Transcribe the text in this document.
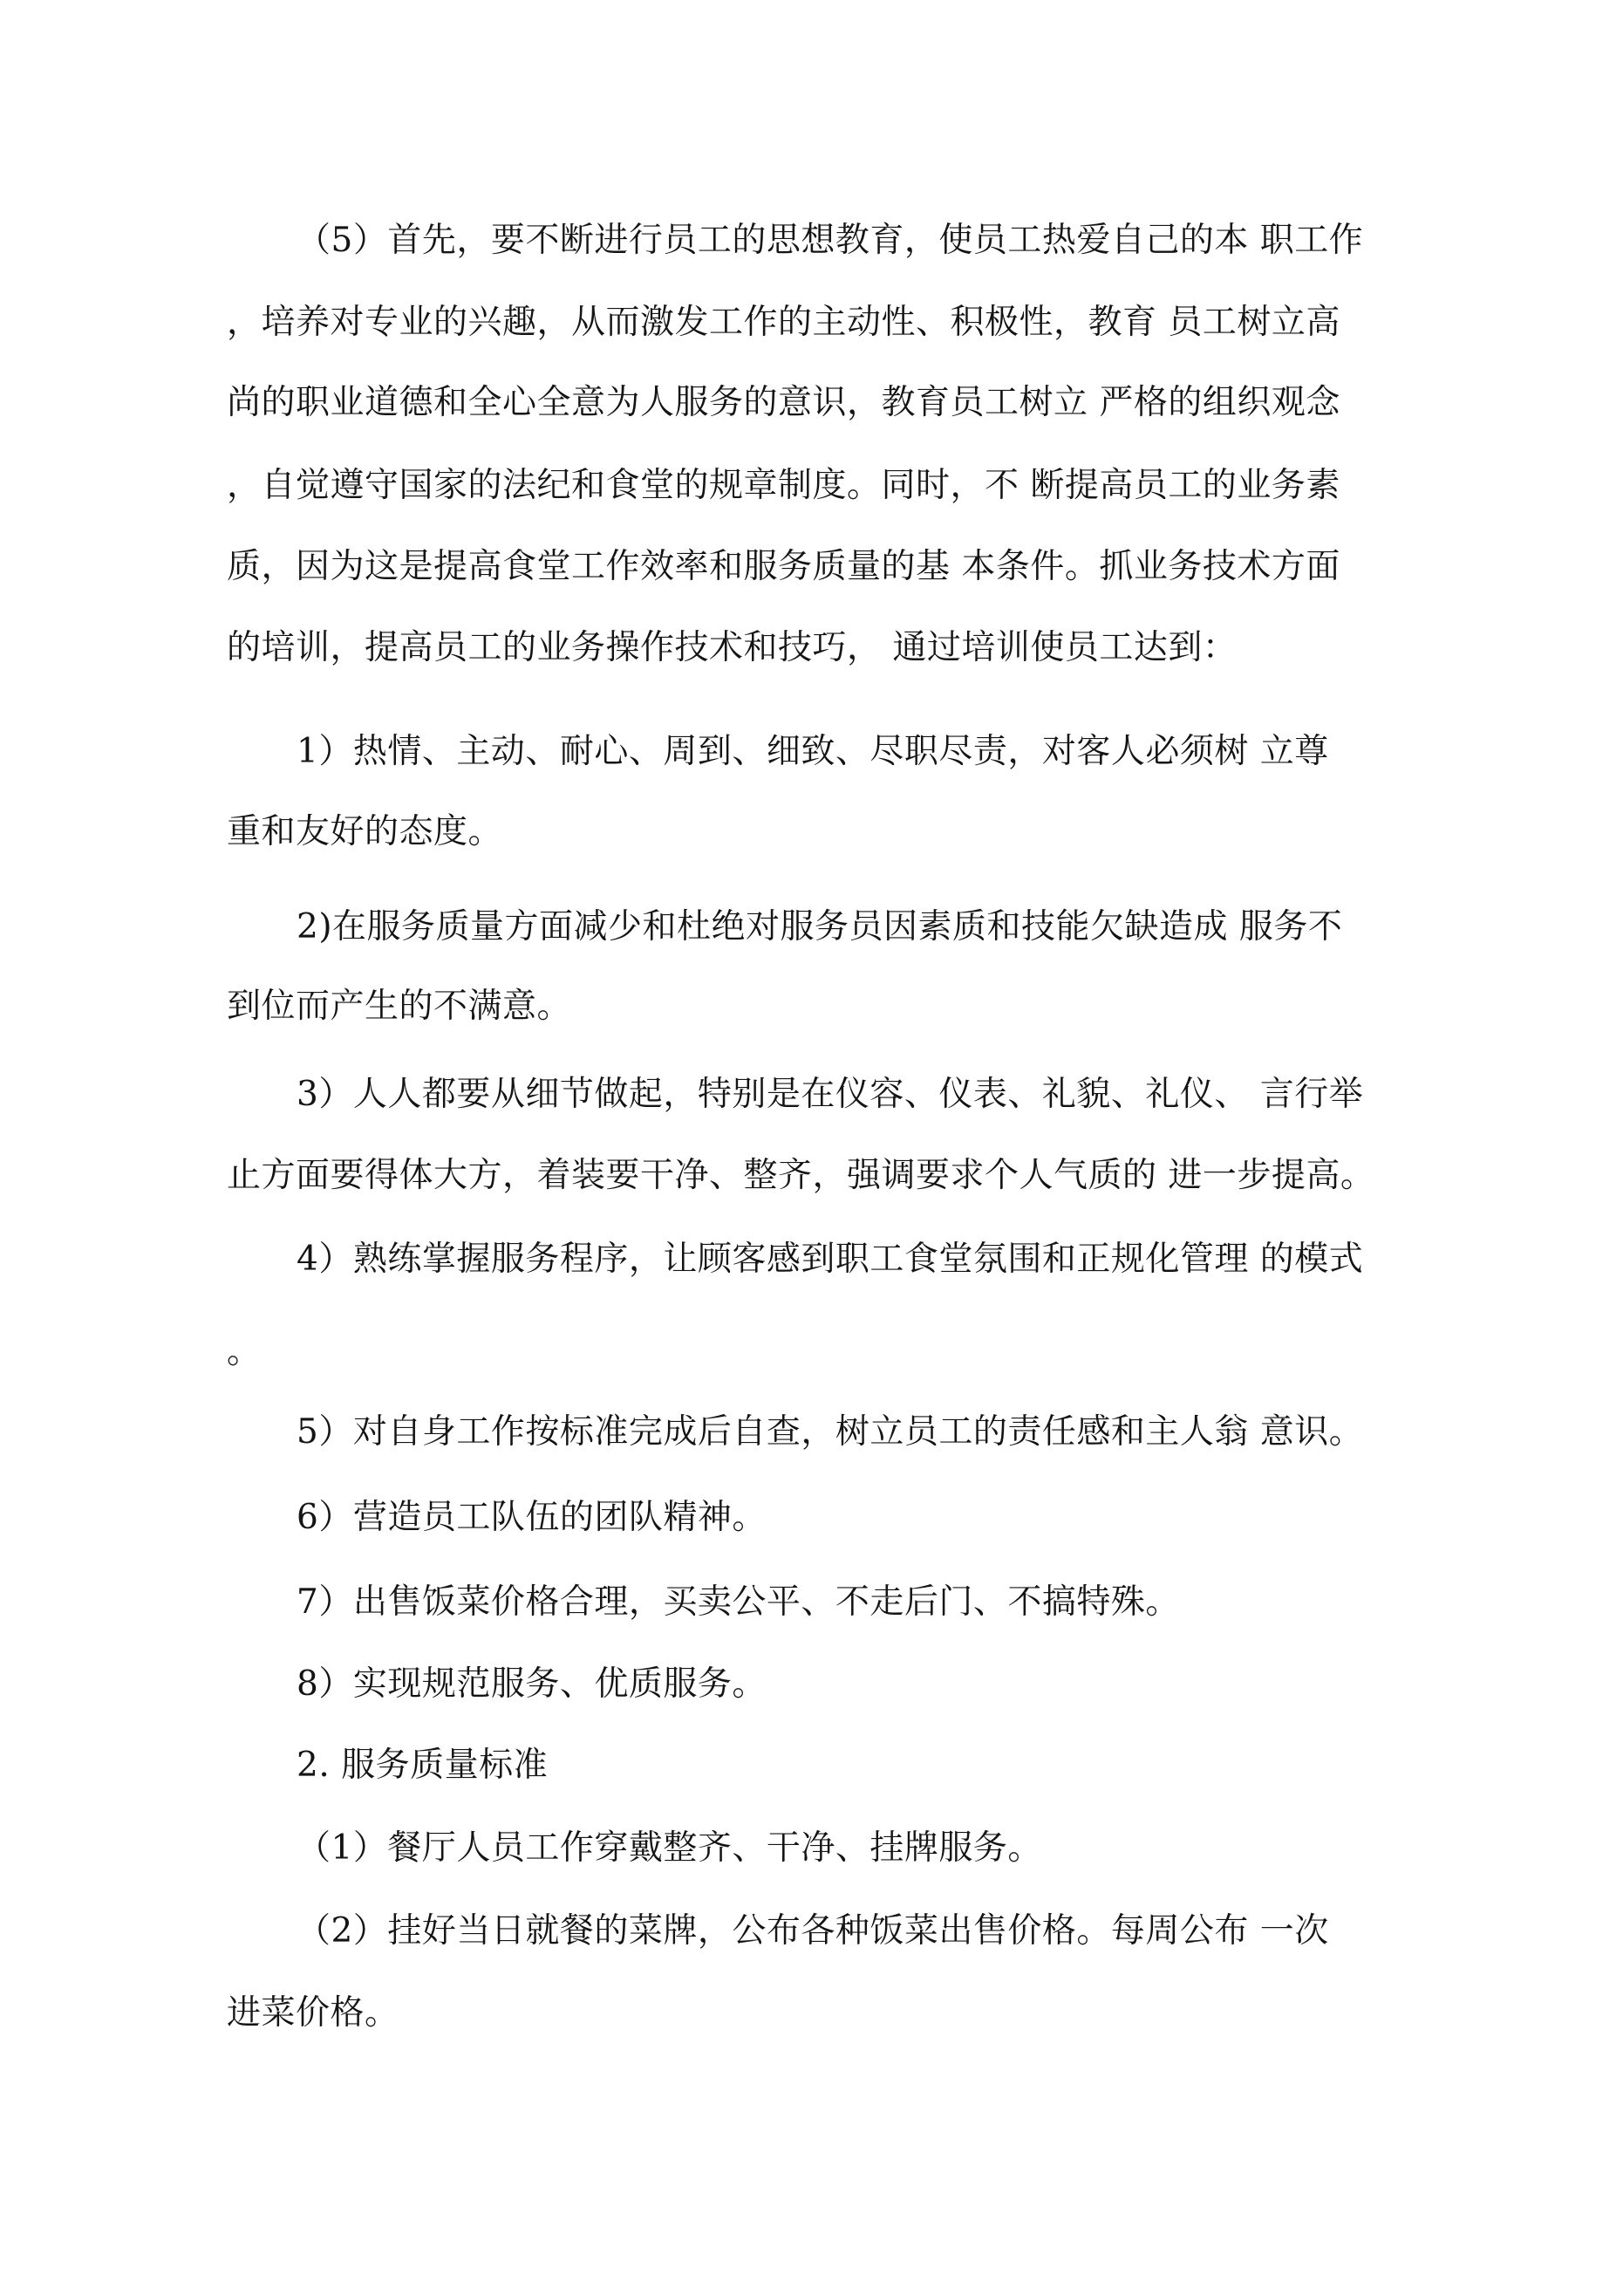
（5）首先，要不断进行员工的思想教育，使员工热爱自己的本 职工作
，培养对专业的兴趣，从而激发工作的主动性、积极性，教育 员工树立高
尚的职业道德和全心全意为人服务的意识，教育员工树立 严格的组织观念
，自觉遵守国家的法纪和食堂的规章制度。同时，不 断提高员工的业务素
质，因为这是提高食堂工作效率和服务质量的基 本条件。抓业务技术方面
的培训，提高员工的业务操作技术和技巧， 通过培训使员工达到：
1）热情、主动、耐心、周到、细致、尽职尽责，对客人必须树 立尊
重和友好的态度。
2)在服务质量方面减少和杜绝对服务员因素质和技能欠缺造成 服务不
到位而产生的不满意。
3）人人都要从细节做起，特别是在仪容、仪表、礼貌、礼仪、 言行举
止方面要得体大方，着装要干净、整齐，强调要求个人气质的 进一步提高。
4）熟练掌握服务程序，让顾客感到职工食堂氛围和正规化管理 的模式
。
5）对自身工作按标准完成后自查，树立员工的责任感和主人翁 意识。
6）营造员工队伍的团队精神。
7）出售饭菜价格合理，买卖公平、不走后门、不搞特殊。
8）实现规范服务、优质服务。
2. 服务质量标准
（1）餐厅人员工作穿戴整齐、干净、挂牌服务。
（2）挂好当日就餐的菜牌，公布各种饭菜出售价格。每周公布 一次
进菜价格。
